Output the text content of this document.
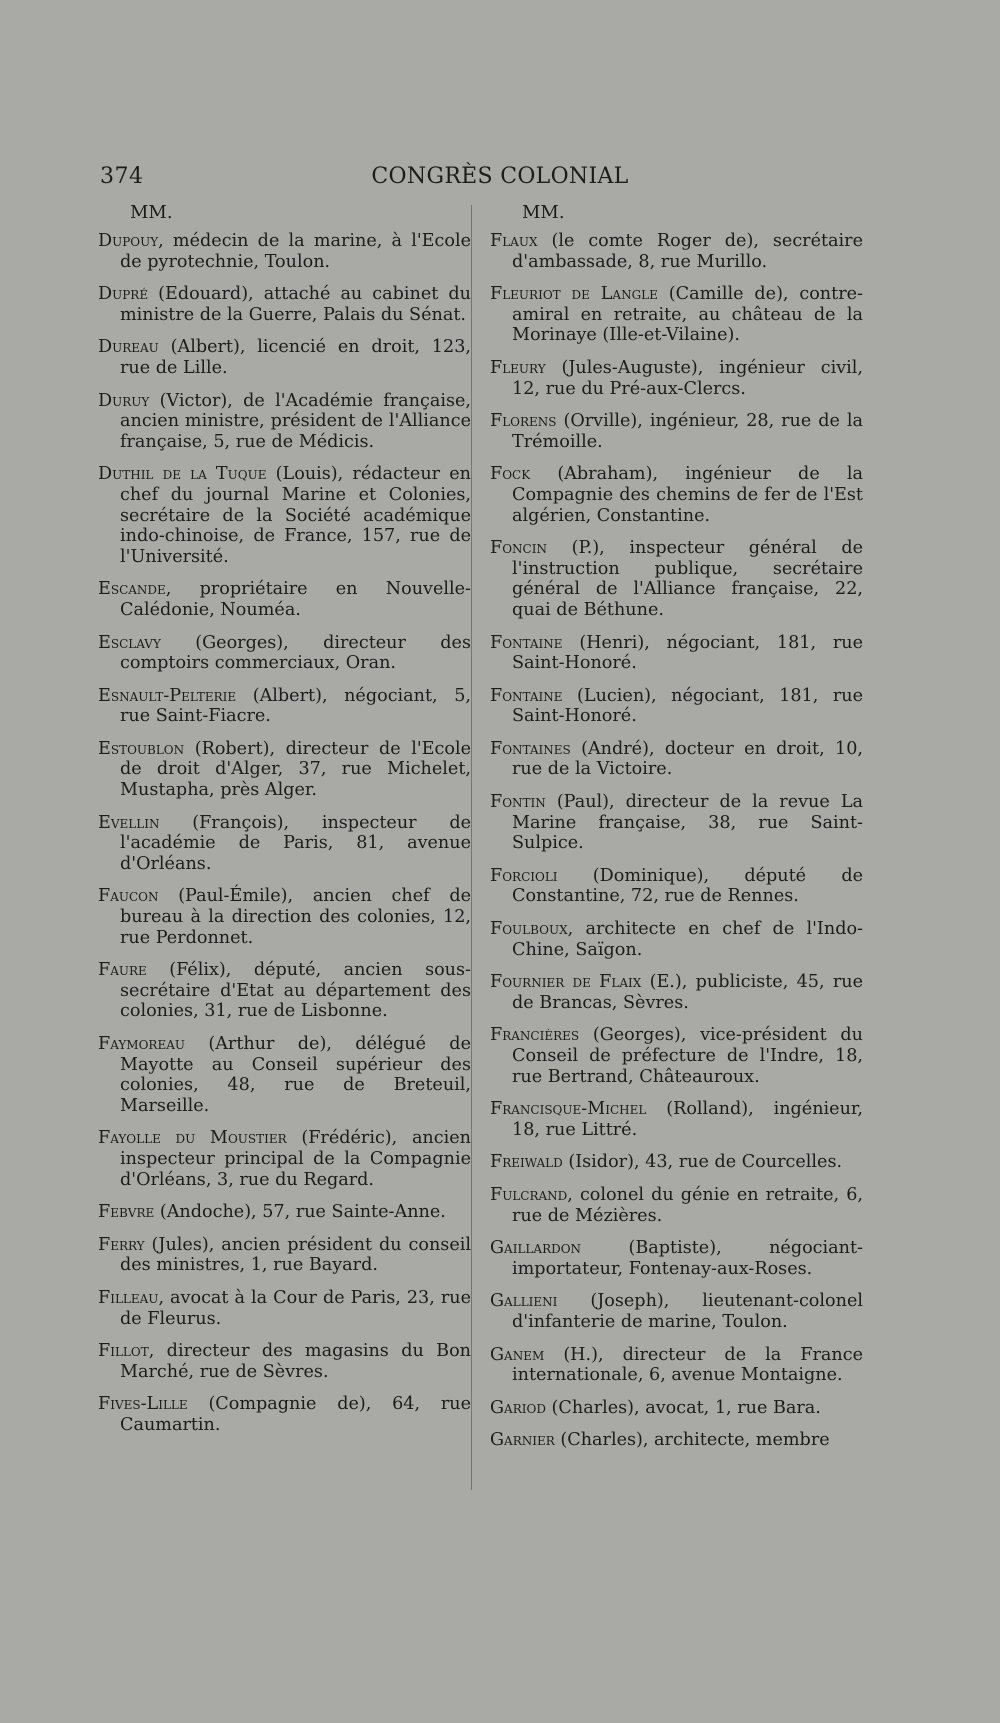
374	CONGRÈS COLONIAL
MM.
Dupouy, médecin de la marine, à l'Ecole de pyrotechnie, Toulon.
Dupré (Edouard), attaché au cabinet du ministre de la Guerre, Palais du Sénat.
Dureau (Albert), licencié en droit, 123, rue de Lille.
Duruy (Victor), de l'Académie française, ancien ministre, président de l'Alliance française, 5, rue de Médicis.
Duthil de la Tuque (Louis), rédacteur en chef du journal Marine et Colonies, secrétaire de la Société académique indo-chinoise, de France, 157, rue de l'Université.
Escande, propriétaire en Nouvelle-Calédonie, Nouméa.
Esclavy (Georges), directeur des comptoirs commerciaux, Oran.
Esnault-Pelterie (Albert), négociant, 5, rue Saint-Fiacre.
Estoublon (Robert), directeur de l'Ecole de droit d'Alger, 37, rue Michelet, Mustapha, près Alger.
Evellin (François), inspecteur de l'académie de Paris, 81, avenue d'Orléans.
Faucon (Paul-Émile), ancien chef de bureau à la direction des colonies, 12, rue Perdonnet.
Faure (Félix), député, ancien sous-secrétaire d'Etat au département des colonies, 31, rue de Lisbonne.
Faymoreau (Arthur de), délégué de Mayotte au Conseil supérieur des colonies, 48, rue de Breteuil, Marseille.
Fayolle du Moustier (Frédéric), ancien inspecteur principal de la Compagnie d'Orléans, 3, rue du Regard.
Febvre (Andoche), 57, rue Sainte-Anne.
Ferry (Jules), ancien président du conseil des ministres, 1, rue Bayard.
Filleau, avocat à la Cour de Paris, 23, rue de Fleurus.
Fillot, directeur des magasins du Bon Marché, rue de Sèvres.
Fives-Lille (Compagnie de), 64, rue Caumartin.
MM.
Flaux (le comte Roger de), secrétaire d'ambassade, 8, rue Murillo.
Fleuriot de Langle (Camille de), contre-amiral en retraite, au château de la Morinaye (Ille-et-Vilaine).
Fleury (Jules-Auguste), ingénieur civil, 12, rue du Pré-aux-Clercs.
Florens (Orville), ingénieur, 28, rue de la Trémoille.
Fock (Abraham), ingénieur de la Compagnie des chemins de fer de l'Est algérien, Constantine.
Foncin (P.), inspecteur général de l'instruction publique, secrétaire général de l'Alliance française, 22, quai de Béthune.
Fontaine (Henri), négociant, 181, rue Saint-Honoré.
Fontaine (Lucien), négociant, 181, rue Saint-Honoré.
Fontaines (André), docteur en droit, 10, rue de la Victoire.
Fontin (Paul), directeur de la revue La Marine française, 38, rue Saint-Sulpice.
Forcioli (Dominique), député de Constantine, 72, rue de Rennes.
Foulboux, architecte en chef de l'Indo-Chine, Saïgon.
Fournier de Flaix (E.), publiciste, 45, rue de Brancas, Sèvres.
Francières (Georges), vice-président du Conseil de préfecture de l'Indre, 18, rue Bertrand, Châteauroux.
Francisque-Michel (Rolland), ingénieur, 18, rue Littré.
Freiwald (Isidor), 43, rue de Courcelles.
Fulcrand, colonel du génie en retraite, 6, rue de Mézières.
Gaillardon (Baptiste), négociant-importateur, Fontenay-aux-Roses.
Gallieni (Joseph), lieutenant-colonel d'infanterie de marine, Toulon.
Ganem (H.), directeur de la France internationale, 6, avenue Montaigne.
Gariod (Charles), avocat, 1, rue Bara.
Garnier (Charles), architecte, membre
